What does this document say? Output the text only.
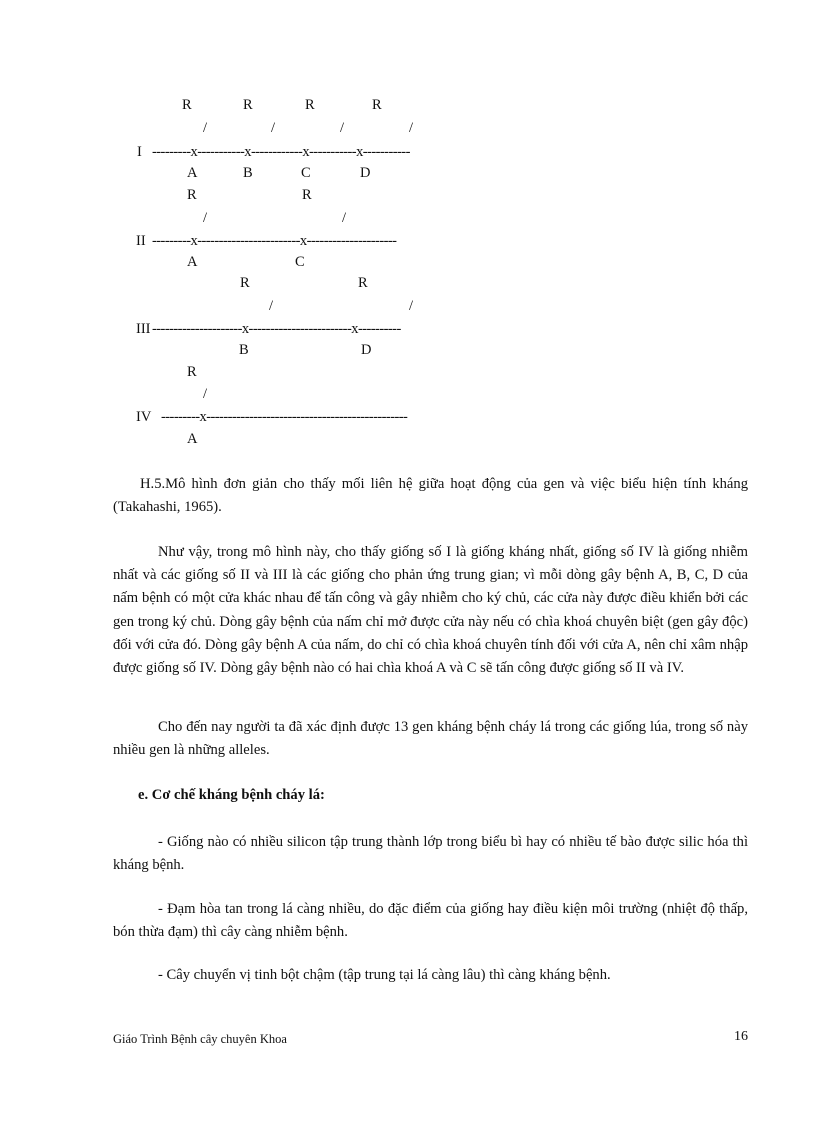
R	R	R	R
/	/	/	/
I ---------x-----------x------------x-----------x-----------
A	B	C	D
R	R
/	/
II ---------x------------------------x---------------------
A	C
R	R
/	/
III ---------------------x------------------------x----------
B	D
R
/
IV ---------x-----------------------------------------------
A

H.5.Mô hình đơn giản cho thấy mối liên hệ giữa hoạt động của gen và việc biểu hiện tính kháng (Takahashi, 1965).

Như vậy, trong mô hình này, cho thấy giống số I là giống kháng nhất, giống số IV là giống nhiễm nhất và các giống số II và III là các giống cho phản ứng trung gian; vì mỗi dòng gây bệnh A, B, C, D của nấm bệnh có một cửa khác nhau để tấn công và gây nhiễm cho ký chủ, các cửa này được điều khiển bởi các gen trong ký chủ. Dòng gây bệnh của nấm chỉ mở được cửa này nếu có chìa khoá chuyên biệt (gen gây độc) đối với cửa đó. Dòng gây bệnh A của nấm, do chỉ có chìa khoá chuyên tính đối với cửa A, nên chỉ xâm nhập được giống số IV. Dòng gây bệnh nào có hai chìa khoá A và C sẽ tấn công được giống số II và IV.

Cho đến nay người ta đã xác định được 13 gen kháng bệnh cháy lá trong các giống lúa, trong số này nhiều gen là những alleles.

e. Cơ chế kháng bệnh cháy lá:

- Giống nào có nhiều silicon tập trung thành lớp trong biểu bì hay có nhiều tế bào được silic hóa thì kháng bệnh.

- Đạm hòa tan trong lá càng nhiều, do đặc điểm của giống hay điều kiện môi trường (nhiệt độ thấp, bón thừa đạm) thì cây càng nhiễm bệnh.

- Cây chuyển vị tinh bột chậm (tập trung tại lá càng lâu) thì càng kháng bệnh.

Giáo Trình Bệnh cây chuyên Khoa	16
